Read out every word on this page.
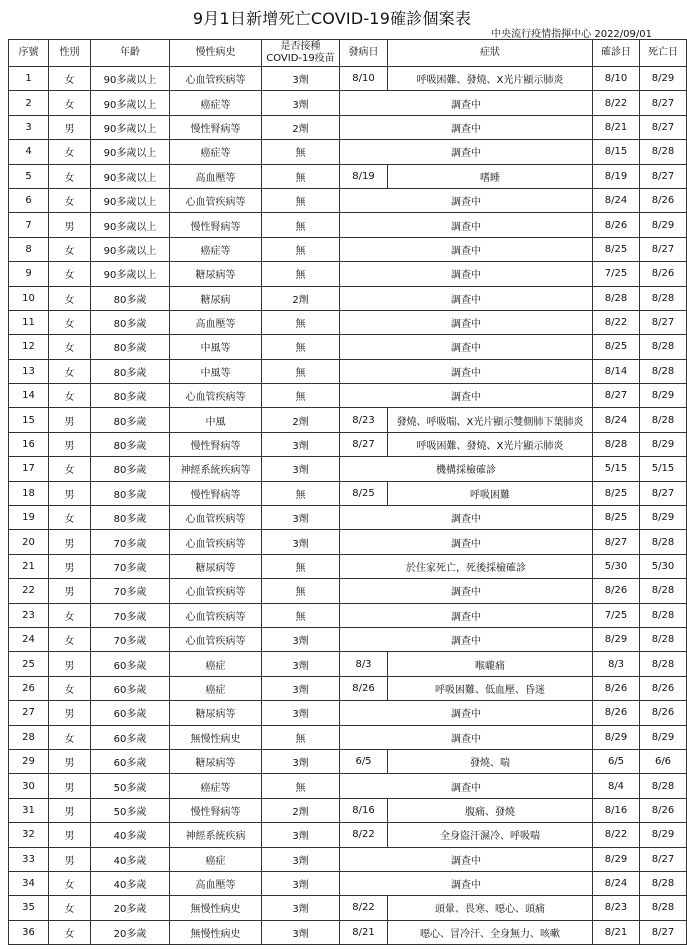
9月1日新增死亡COVID-19確診個案表
中央流行疫情指揮中心 2022/09/01
序號	性別	年齡	慢性病史	是否接種
COVID-19疫苗	發病日	症狀	確診日	死亡日
1	女	90多歲以上	心血管疾病等	3劑	8/10	呼吸困難、發燒、X光片顯示肺炎	8/10	8/29
2	女	90多歲以上	癌症等	3劑	調查中		8/22	8/27
3	男	90多歲以上	慢性腎病等	2劑	調查中		8/21	8/27
4	女	90多歲以上	癌症等	無	調查中		8/15	8/28
5	女	90多歲以上	高血壓等	無	8/19	嗜睡	8/19	8/27
6	女	90多歲以上	心血管疾病等	無	調查中		8/24	8/26
7	男	90多歲以上	慢性腎病等	無	調查中		8/26	8/29
8	女	90多歲以上	癌症等	無	調查中		8/25	8/27
9	女	90多歲以上	糖尿病等	無	調查中		7/25	8/26
10	女	80多歲	糖尿病	2劑	調查中		8/28	8/28
11	女	80多歲	高血壓等	無	調查中		8/22	8/27
12	女	80多歲	中風等	無	調查中		8/25	8/28
13	女	80多歲	中風等	無	調查中		8/14	8/28
14	女	80多歲	心血管疾病等	無	調查中		8/27	8/29
15	男	80多歲	中風	2劑	8/23	發燒、呼吸喘、X光片顯示雙側肺下葉肺炎	8/24	8/28
16	男	80多歲	慢性腎病等	3劑	8/27	呼吸困難、發燒、X光片顯示肺炎	8/28	8/29
17	女	80多歲	神經系統疾病等	3劑	機構採檢確診		5/15	5/15
18	男	80多歲	慢性腎病等	無	8/25	呼吸困難	8/25	8/27
19	女	80多歲	心血管疾病等	3劑	調查中		8/25	8/29
20	男	70多歲	心血管疾病等	3劑	調查中		8/27	8/28
21	男	70多歲	糖尿病等	無	於住家死亡，死後採檢確診		5/30	5/30
22	男	70多歲	心血管疾病等	無	調查中		8/26	8/28
23	女	70多歲	心血管疾病等	無	調查中		7/25	8/28
24	女	70多歲	心血管疾病等	3劑	調查中		8/29	8/28
25	男	60多歲	癌症	3劑	8/3	喉嚨痛	8/3	8/28
26	女	60多歲	癌症	3劑	8/26	呼吸困難、低血壓、昏迷	8/26	8/26
27	男	60多歲	糖尿病等	3劑	調查中		8/26	8/26
28	女	60多歲	無慢性病史	無	調查中		8/29	8/29
29	男	60多歲	糖尿病等	3劑	6/5	發燒、喘	6/5	6/6
30	男	50多歲	癌症等	無	調查中		8/4	8/28
31	男	50多歲	慢性腎病等	2劑	8/16	腹痛、發燒	8/16	8/26
32	男	40多歲	神經系統疾病	3劑	8/22	全身盜汗濕冷、呼吸喘	8/22	8/29
33	男	40多歲	癌症	3劑	調查中		8/29	8/27
34	女	40多歲	高血壓等	3劑	調查中		8/24	8/28
35	女	20多歲	無慢性病史	3劑	8/22	頭暈、畏寒、噁心、頭痛	8/23	8/28
36	女	20多歲	無慢性病史	3劑	8/21	噁心、冒冷汗、全身無力、咳嗽	8/21	8/27
